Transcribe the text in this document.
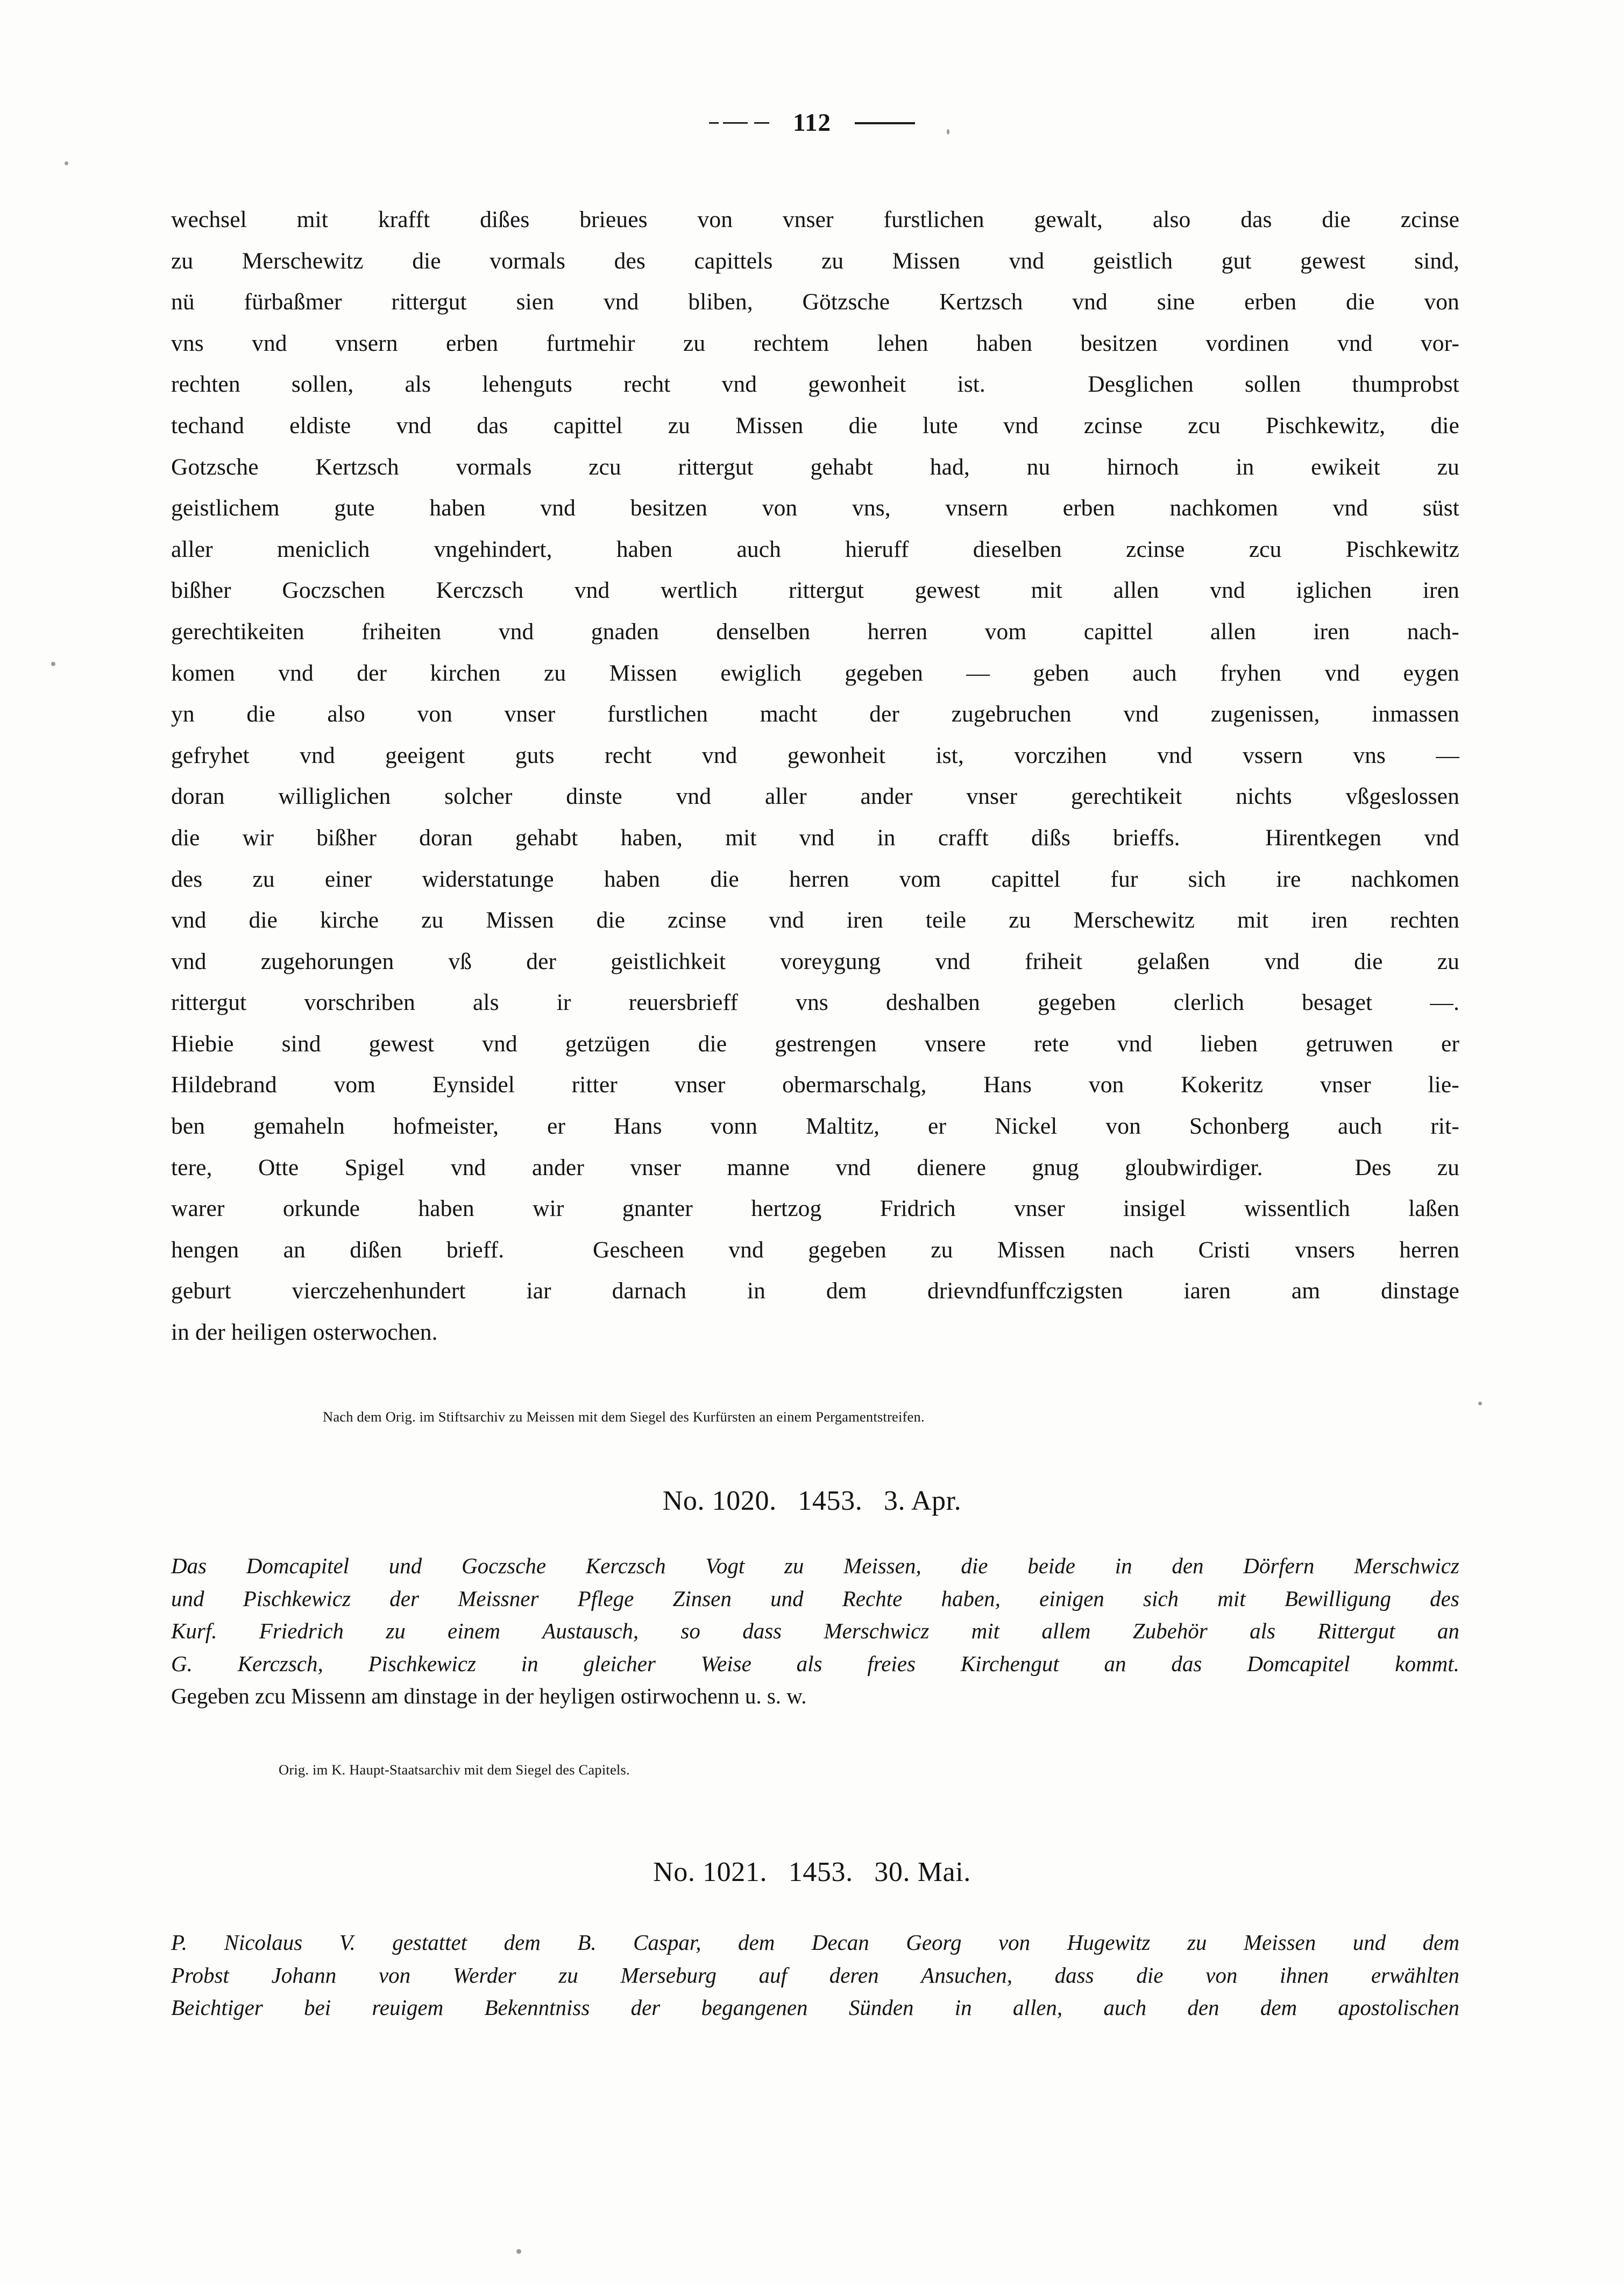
112
wechsel mit krafft dißes brieues von vnser furstlichen gewalt, also das die zcinse
zu Merschewitz die vormals des capittels zu Missen vnd geistlich gut gewest sind,
nü fürbaßmer rittergut sien vnd bliben, Götzsche Kertzsch vnd sine erben die von
vns vnd vnsern erben furtmehir zu rechtem lehen haben besitzen vordinen vnd vor-
rechten sollen, als lehenguts recht vnd gewonheit ist.	Desglichen sollen thumprobst
techand eldiste vnd das capittel zu Missen die lute vnd zcinse zcu Pischkewitz, die
Gotzsche Kertzsch vormals zcu rittergut gehabt had, nu hirnoch in ewikeit zu
geistlichem gute haben vnd besitzen von vns, vnsern erben nachkomen vnd süst
aller	meniclich	vngehindert,	haben	auch	hieruff	dieselben	zcinse	zcu	Pischkewitz
bißher Goczschen Kerczsch vnd wertlich rittergut gewest mit allen vnd iglichen iren
gerechtikeiten friheiten vnd gnaden denselben herren vom capittel allen iren nach-
komen vnd der kirchen zu Missen ewiglich gegeben — geben auch fryhen vnd eygen
yn die also von vnser furstlichen macht der zugebruchen vnd zugenissen, inmassen
gefryhet vnd geeigent guts recht vnd gewonheit ist, vorczihen vnd vssern vns —
doran williglichen solcher dinste vnd aller ander vnser gerechtikeit nichts vßgeslossen
die wir bißher doran gehabt haben, mit vnd in crafft dißs brieffs.	Hirentkegen vnd
des zu einer widerstatunge haben die herren vom capittel fur sich ire nachkomen
vnd die kirche zu Missen die zcinse vnd iren teile zu Merschewitz mit iren rechten
vnd zugehorungen vß der geistlichkeit voreygung vnd friheit gelaßen vnd die zu
rittergut vorschriben als ir reuersbrieff vns deshalben gegeben clerlich besaget —.
Hiebie sind gewest vnd getzügen die gestrengen vnsere rete vnd lieben getruwen er
Hildebrand vom Eynsidel ritter vnser obermarschalg, Hans von Kokeritz vnser lie-
ben gemaheln hofmeister, er Hans vonn Maltitz, er Nickel von Schonberg auch rit-
tere, Otte Spigel vnd ander vnser manne vnd dienere gnug gloubwirdiger.	Des zu
warer orkunde haben wir gnanter hertzog Fridrich vnser insigel wissentlich laßen
hengen an dißen brieff.	Gescheen vnd gegeben zu Missen nach Cristi vnsers herren
geburt	vierczehenhundert	iar	darnach	in	dem	drievndfunffczigsten	iaren	am	dinstage
in der heiligen osterwochen.
Nach dem Orig. im Stiftsarchiv zu Meissen mit dem Siegel des Kurfürsten an einem Pergamentstreifen.
No. 1020. 1453. 3. Apr.
Das Domcapitel und Goczsche Kerczsch Vogt zu Meissen, die beide in den Dörfern Merschwicz
und Pischkewicz der Meissner Pflege Zinsen und Rechte haben, einigen sich mit Bewilligung des
Kurf. Friedrich zu einem Austausch, so dass Merschwicz mit allem Zubehör als Rittergut an
G. Kerczsch, Pischkewicz in gleicher Weise als freies Kirchengut an das Domcapitel kommt.
Gegeben zcu Missenn am dinstage in der heyligen ostirwochenn u. s. w.
Orig. im K. Haupt-Staatsarchiv mit dem Siegel des Capitels.
No. 1021. 1453. 30. Mai.
P. Nicolaus V. gestattet dem B. Caspar, dem Decan Georg von Hugewitz zu Meissen und dem
Probst Johann von Werder zu Merseburg auf deren Ansuchen, dass die von ihnen erwählten
Beichtiger bei reuigem Bekenntniss der begangenen Sünden in allen, auch den dem apostolischen
